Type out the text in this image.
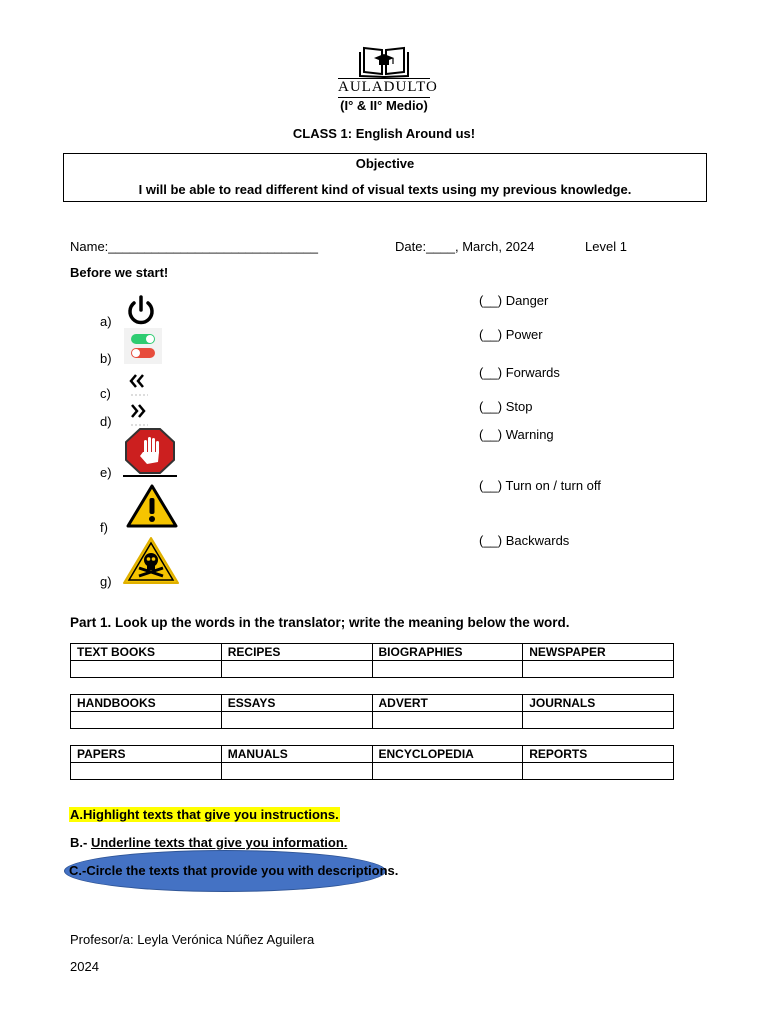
AULADULTO
(I° & II° Medio)
CLASS 1: English Around us!
Objective
I will be able to read different kind of visual texts using my previous knowledge.
Name:_____________________________	Date:____, March, 2024	Level 1
Before we start!
a)
b)
c)
d)
e)
f)
g)
(__) Danger
(__) Power
(__) Forwards
(__) Stop
(__) Warning
(__) Turn on / turn off
(__) Backwards
Part 1. Look up the words in the translator; write the meaning below the word.
TEXT BOOKS	RECIPES	BIOGRAPHIES	NEWSPAPER

HANDBOOKS	ESSAYS	ADVERT	JOURNALS

PAPERS	MANUALS	ENCYCLOPEDIA	REPORTS

A.Highlight texts that give you instructions.
B.- Underline texts that give you information.
C.-Circle the texts that provide you with descriptions.
Profesor/a: Leyla Verónica Núñez Aguilera
2024
